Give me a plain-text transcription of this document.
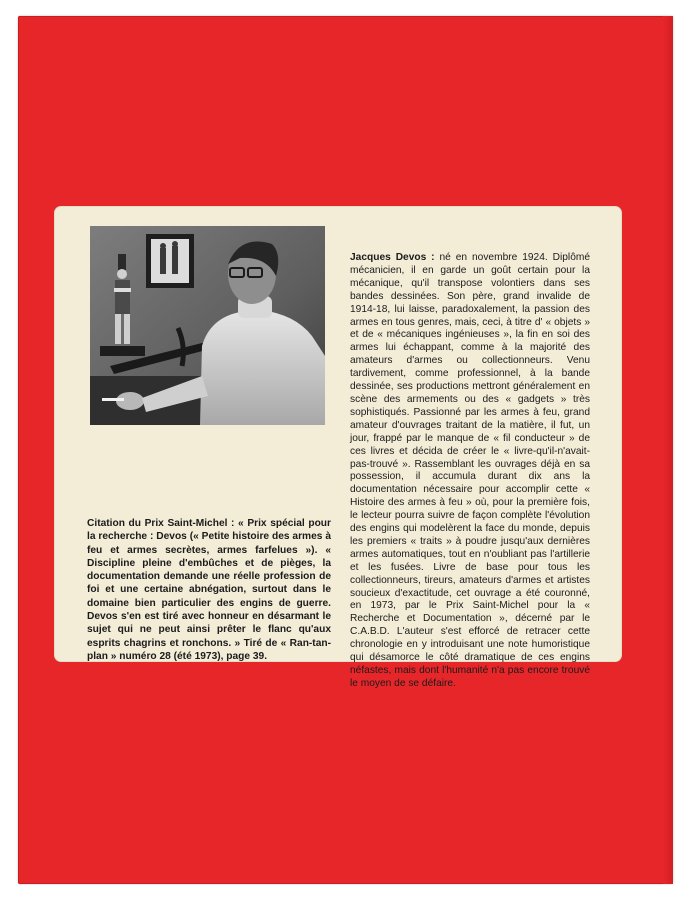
Citation du Prix Saint-Michel : « Prix spécial pour la recherche : Devos (« Petite histoire des armes à feu et armes secrètes, armes farfelues »). « Discipline pleine d'embûches et de pièges, la documentation demande une réelle profession de foi et une certaine abnégation, surtout dans le domaine bien particulier des engins de guerre. Devos s'en est tiré avec honneur en désarmant le sujet qui ne peut ainsi prêter le flanc qu'aux esprits chagrins et ronchons. » Tiré de « Ran-tan-plan » numéro 28 (été 1973), page 39.

Jacques Devos : né en novembre 1924. Diplômé mécanicien, il en garde un goût certain pour la mécanique, qu'il transpose volontiers dans ses bandes dessinées. Son père, grand invalide de 1914-18, lui laisse, paradoxalement, la passion des armes en tous genres, mais, ceci, à titre d' « objets » et de « mécaniques ingénieuses », la fin en soi des armes lui échappant, comme à la majorité des amateurs d'armes ou collectionneurs. Venu tardivement, comme professionnel, à la bande dessinée, ses productions mettront généralement en scène des armements ou des « gadgets » très sophistiqués. Passionné par les armes à feu, grand amateur d'ouvrages traitant de la matière, il fut, un jour, frappé par le manque de « fil conducteur » de ces livres et décida de créer le « livre-qu'il-n'avait-pas-trouvé ». Rassemblant les ouvrages déjà en sa possession, il accumula durant dix ans la documentation nécessaire pour accomplir cette « Histoire des armes à feu » où, pour la première fois, le lecteur pourra suivre de façon complète l'évolution des engins qui modelèrent la face du monde, depuis les premiers « traits » à poudre jusqu'aux dernières armes automatiques, tout en n'oubliant pas l'artillerie et les fusées. Livre de base pour tous les collectionneurs, tireurs, amateurs d'armes et artistes soucieux d'exactitude, cet ouvrage a été couronné, en 1973, par le Prix Saint-Michel pour la « Recherche et Documentation », décerné par le C.A.B.D. L'auteur s'est efforcé de retracer cette chronologie en y introduisant une note humoristique qui désamorce le côté dramatique de ces engins néfastes, mais dont l'humanité n'a pas encore trouvé le moyen de se défaire.
